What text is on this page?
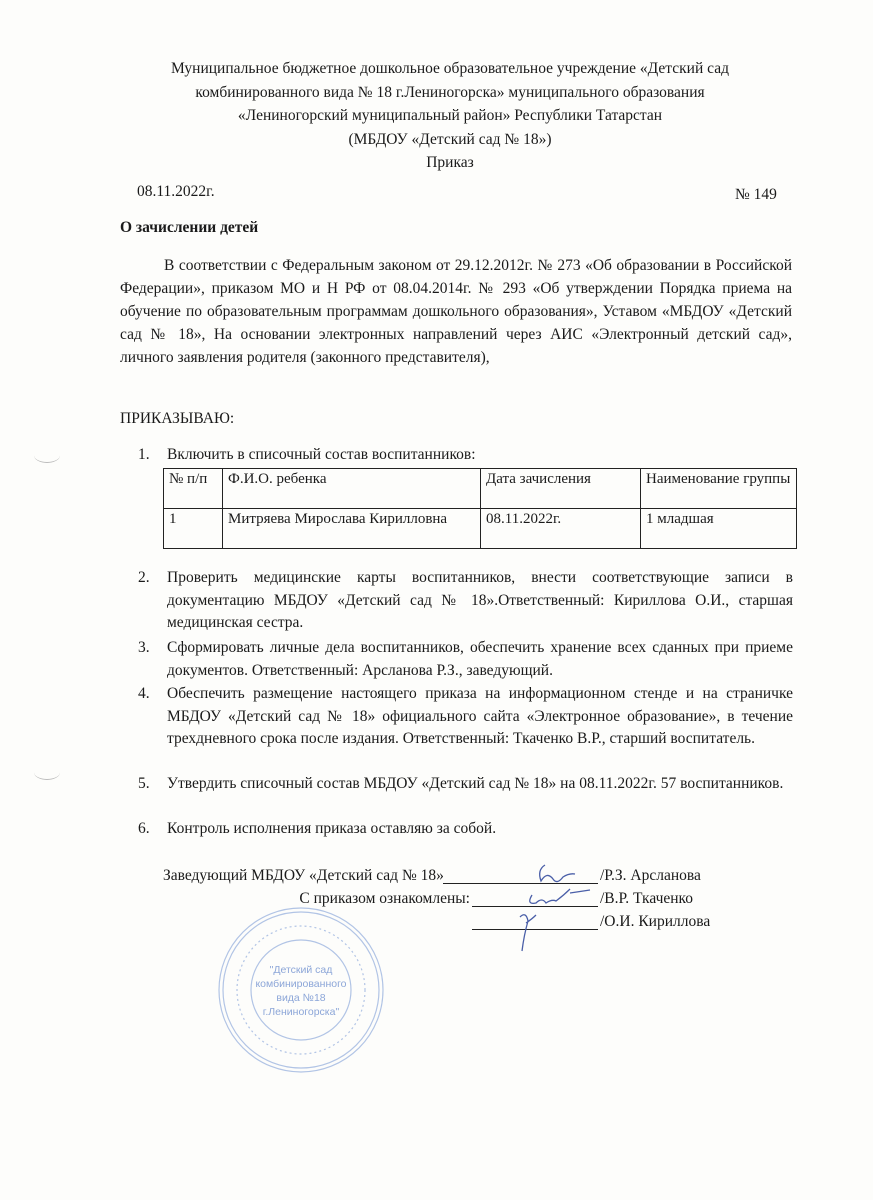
Муниципальное бюджетное дошкольное образовательное учреждение «Детский сад
комбинированного вида № 18 г.Лениногорска» муниципального образования
«Лениногорский муниципальный район» Республики Татарстан
(МБДОУ «Детский сад № 18»)
Приказ
08.11.2022г.	№ 149
О зачислении детей
В соответствии с Федеральным законом от 29.12.2012г. № 273 «Об образовании в Российской Федерации», приказом МО и Н РФ от 08.04.2014г. № 293 «Об утверждении Порядка приема на обучение по образовательным программам дошкольного образования», Уставом «МБДОУ «Детский сад № 18», На основании электронных направлений через АИС «Электронный детский сад», личного заявления родителя (законного представителя),
ПРИКАЗЫВАЮ:
1. Включить в списочный состав воспитанников:
№ п/п	Ф.И.О. ребенка	Дата зачисления	Наименование группы
1	Митряева Мирослава Кирилловна	08.11.2022г.	1 младшая
2. Проверить медицинские карты воспитанников, внести соответствующие записи в документацию МБДОУ «Детский сад № 18».Ответственный: Кириллова О.И., старшая медицинская сестра.
3. Сформировать личные дела воспитанников, обеспечить хранение всех сданных при приеме документов. Ответственный: Арсланова Р.З., заведующий.
4. Обеспечить размещение настоящего приказа на информационном стенде и на страничке МБДОУ «Детский сад № 18» официального сайта «Электронное образование», в течение трехдневного срока после издания. Ответственный: Ткаченко В.Р., старший воспитатель.
5. Утвердить списочный состав МБДОУ «Детский сад № 18» на 08.11.2022г. 57 воспитанников.
6. Контроль исполнения приказа оставляю за собой.
Заведующий МБДОУ «Детский сад № 18»	/Р.З. Арсланова
С приказом ознакомлены:	/В.Р. Ткаченко
/О.И. Кириллова
"Детский сад
комбинированного
вида №18
г.Лениногорска"
